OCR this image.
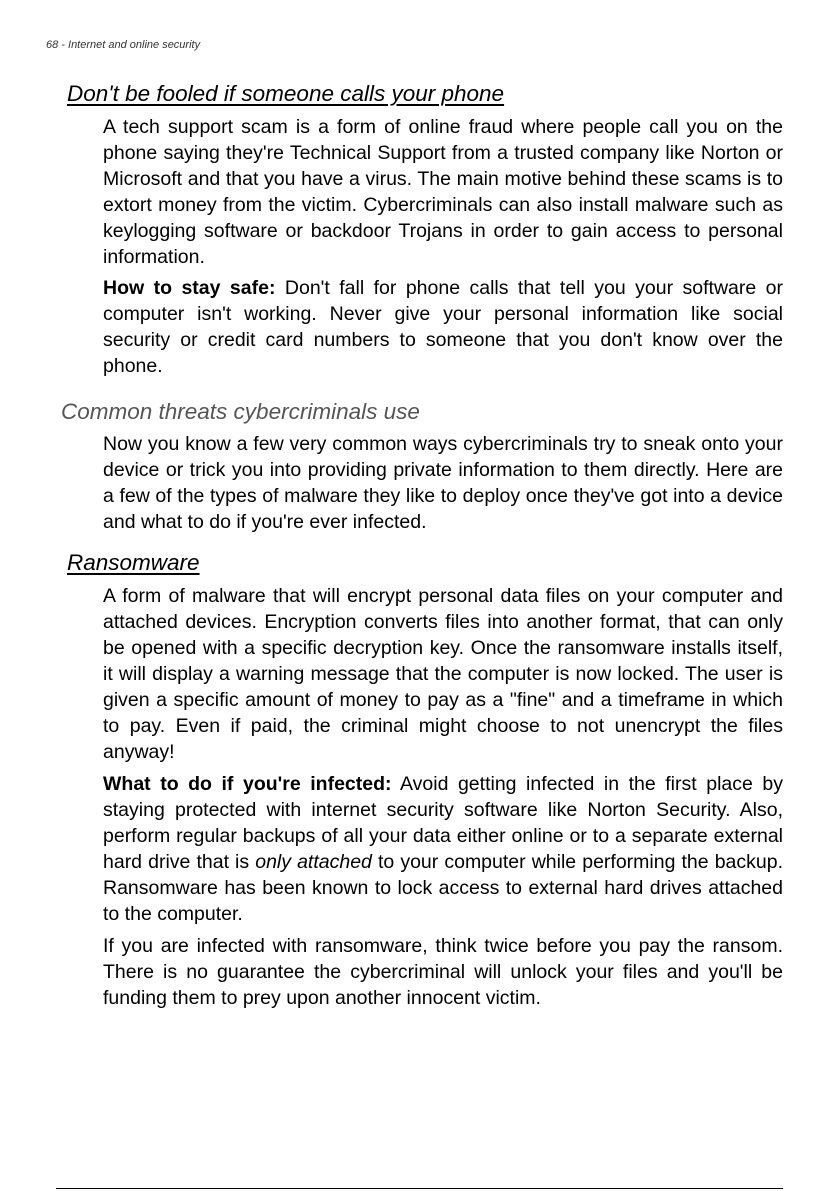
68 - Internet and online security

Don't be fooled if someone calls your phone

A tech support scam is a form of online fraud where people call you on the phone saying they're Technical Support from a trusted company like Norton or Microsoft and that you have a virus. The main motive behind these scams is to extort money from the victim. Cybercriminals can also install malware such as keylogging software or backdoor Trojans in order to gain access to personal information.

How to stay safe: Don't fall for phone calls that tell you your software or computer isn't working. Never give your personal information like social security or credit card numbers to someone that you don't know over the phone.

Common threats cybercriminals use

Now you know a few very common ways cybercriminals try to sneak onto your device or trick you into providing private information to them directly. Here are a few of the types of malware they like to deploy once they've got into a device and what to do if you're ever infected.

Ransomware

A form of malware that will encrypt personal data files on your computer and attached devices. Encryption converts files into another format, that can only be opened with a specific decryption key. Once the ransomware installs itself, it will display a warning message that the computer is now locked. The user is given a specific amount of money to pay as a "fine" and a timeframe in which to pay. Even if paid, the criminal might choose to not unencrypt the files anyway!

What to do if you're infected: Avoid getting infected in the first place by staying protected with internet security software like Norton Security. Also, perform regular backups of all your data either online or to a separate external hard drive that is only attached to your computer while performing the backup. Ransomware has been known to lock access to external hard drives attached to the computer.

If you are infected with ransomware, think twice before you pay the ransom. There is no guarantee the cybercriminal will unlock your files and you'll be funding them to prey upon another innocent victim.
